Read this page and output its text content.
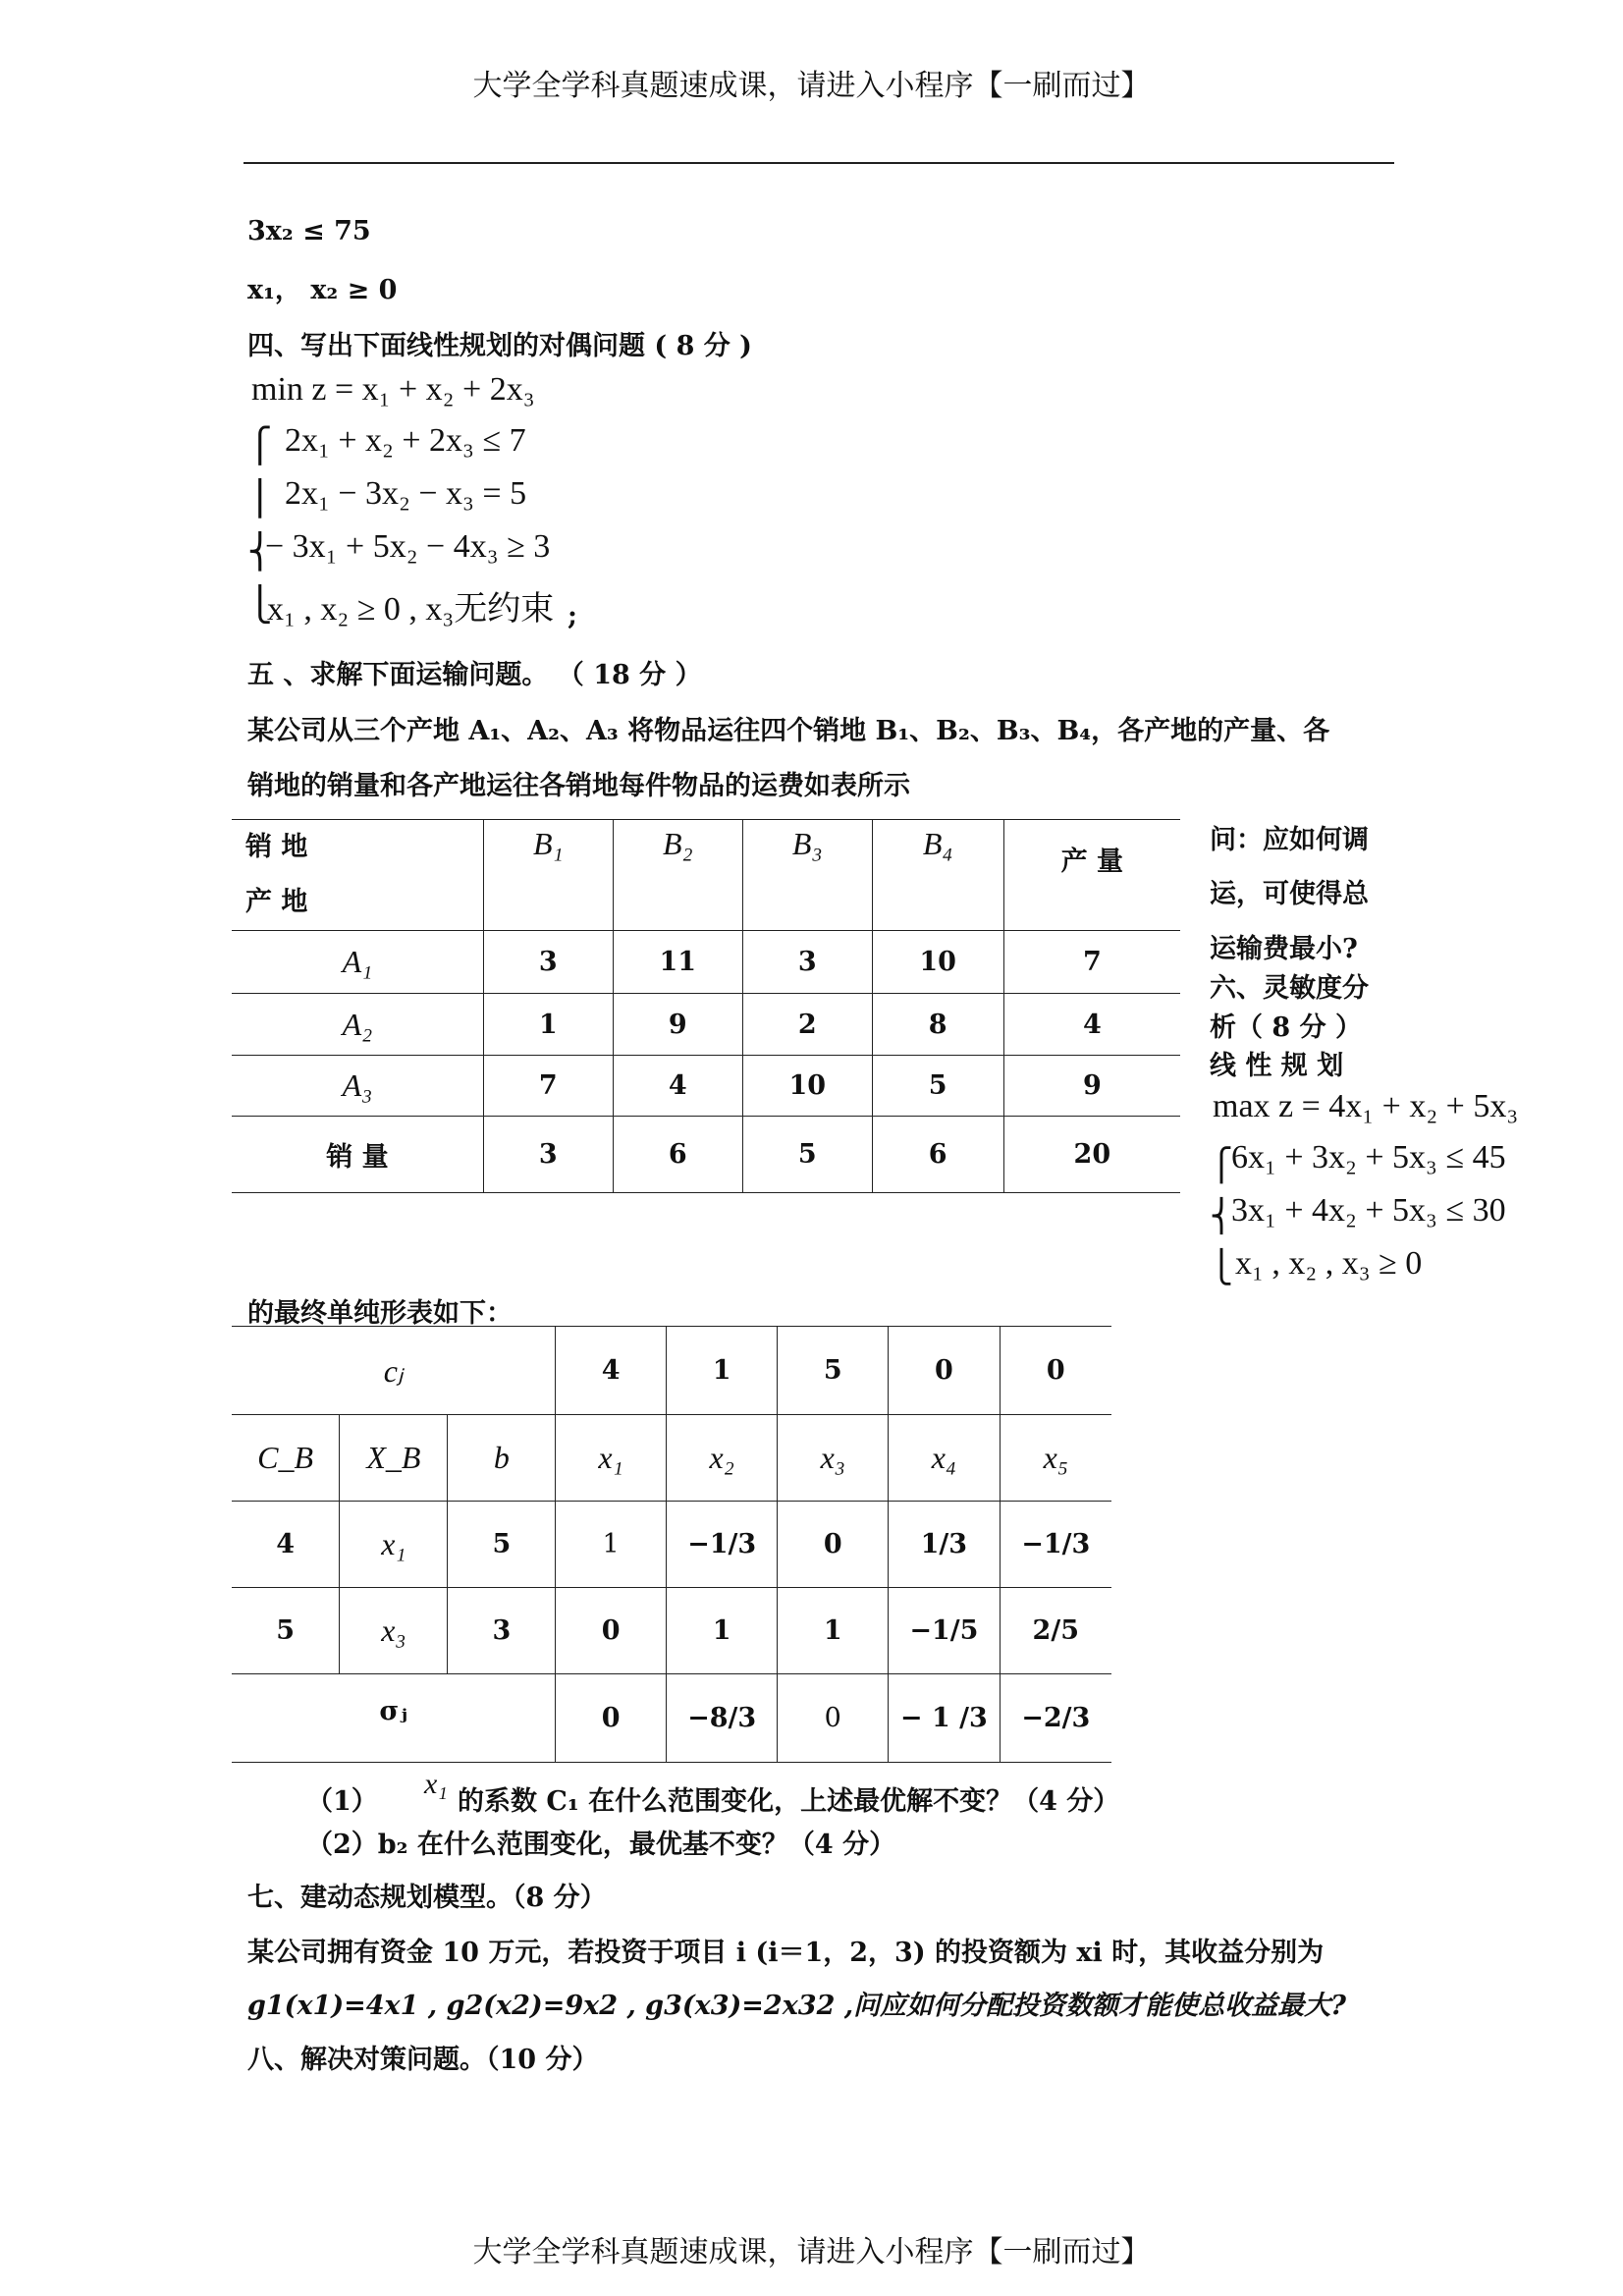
大学全学科真题速成课，请进入小程序【一刷而过】
大学全学科真题速成课，请进入小程序【一刷而过】
3x₂ ≤ 75
x₁， x₂ ≥ 0
四、写出下面线性规划的对偶问题 ( 8 分 )
min z = x₁ + x₂ + 2x₃
⎧
⎪
⎨
⎩
2x₁ + x₂ + 2x₃ ≤ 7
2x₁ − 3x₂ − x₃ = 5
− 3x₁ + 5x₂ − 4x₃ ≥ 3
x₁ , x₂ ≥ 0 , x₃无约束 ;
五 、求解下面运输问题。 （ 18 分 ）
某公司从三个产地 A₁、A₂、A₃ 将物品运往四个销地 B₁、B₂、B₃、B₄，各产地的产量、各
销地的销量和各产地运往各销地每件物品的运费如表所示
销 地
产 地	B₁	B₂	B₃	B₄	产 量
A₁	3	11	3	10	7
A₂	1	9	2	8	4
A₃	7	4	10	5	9
销 量	3	6	5	6	20
问：应如何调
运，可使得总
运输费最小?
六、灵敏度分
析（ 8 分 ）
线 性 规 划
max z = 4x₁ + x₂ + 5x₃
⎧
⎨
⎩
6x₁ + 3x₂ + 5x₃ ≤ 45
3x₁ + 4x₂ + 5x₃ ≤ 30
x₁ , x₂ , x₃ ≥ 0
的最终单纯形表如下：
cⱼ			4	1	5	0	0
C_B	X_B	b	x₁	x₂	x₃	x₄	x₅
4	x₁	5	1	−1/3	0	1/3	−1/3
5	x₃	3	0	1	1	−1/5	2/5
σⱼ			0	−8/3	0	− 1 /3	−2/3
（1）
x₁
的系数 C₁ 在什么范围变化，上述最优解不变？（4 分）
（2）b₂ 在什么范围变化，最优基不变？（4 分）
七、建动态规划模型。（8 分）
某公司拥有资金 10 万元，若投资于项目 i (i＝1，2，3) 的投资额为 xi 时，其收益分别为
g1(x1)=4x1 , g2(x2)=9x2 , g3(x3)=2x32 ,问应如何分配投资数额才能使总收益最大?
八、解决对策问题。（10 分）
